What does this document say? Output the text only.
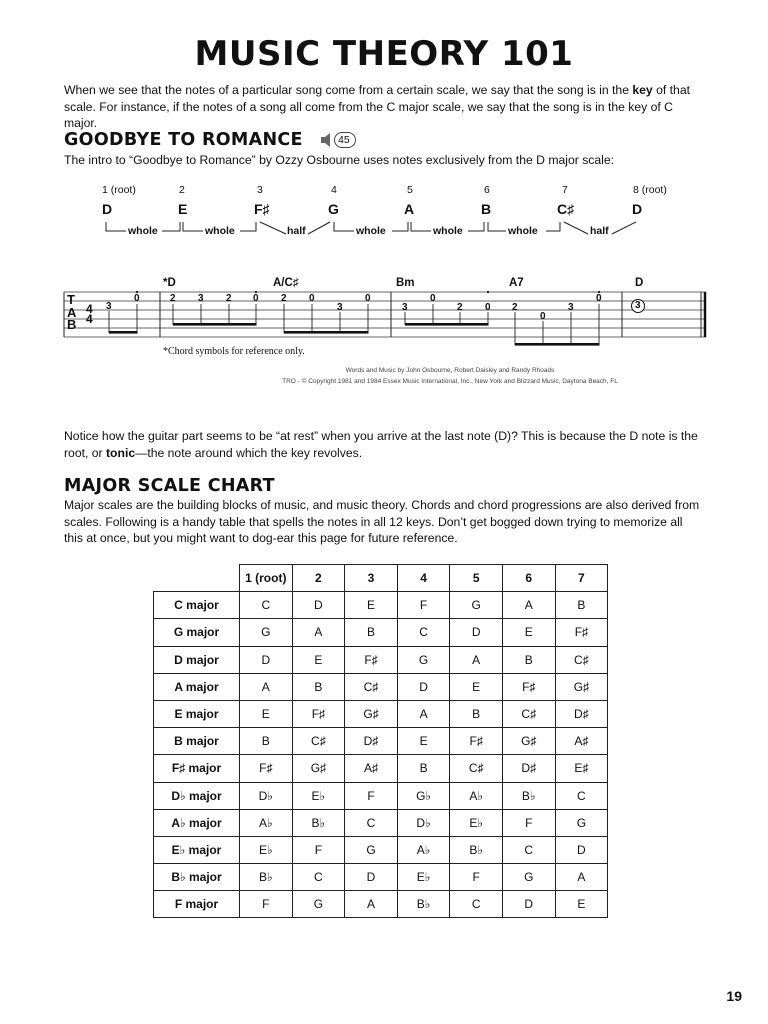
MUSIC THEORY 101
When we see that the notes of a particular song come from a certain scale, we say that the song is in the key of that scale. For instance, if the notes of a song all come from the C major scale, we say that the song is in the key of C major.
GOODBYE TO ROMANCE	45
The intro to “Goodbye to Romance” by Ozzy Osbourne uses notes exclusively from the D major scale:
1 (root)	2	3	4	5	6	7	8 (root)
D	E	F♯	G	A	B	C♯	D
whole	whole	half	whole	whole	whole	half
*D	A/C♯	Bm	A7	D
T
A
B
4
4
3
0	2 3 2 0 2 0
3
0
3
0
2 0 2
0
3
0
3
*Chord symbols for reference only.
Words and Music by John Osbourne, Robert Daisley and Randy Rhoads
TRO - © Copyright 1981 and 1984 Essex Music International, Inc., New York and Blizzard Music, Daytona Beach, FL
Notice how the guitar part seems to be “at rest” when you arrive at the last note (D)? This is because the D note is the root, or tonic—the note around which the key revolves.
MAJOR SCALE CHART
Major scales are the building blocks of music, and music theory. Chords and chord progressions are also derived from scales. Following is a handy table that spells the notes in all 12 keys. Don’t get bogged down trying to memorize all this at once, but you might want to dog-ear this page for future reference.
	1 (root)	2	3	4	5	6	7
C major	C	D	E	F	G	A	B
G major	G	A	B	C	D	E	F♯
D major	D	E	F♯	G	A	B	C♯
A major	A	B	C♯	D	E	F♯	G♯
E major	E	F♯	G♯	A	B	C♯	D♯
B major	B	C♯	D♯	E	F♯	G♯	A♯
F♯ major	F♯	G♯	A♯	B	C♯	D♯	E♯
D♭ major	D♭	E♭	F	G♭	A♭	B♭	C
A♭ major	A♭	B♭	C	D♭	E♭	F	G
E♭ major	E♭	F	G	A♭	B♭	C	D
B♭ major	B♭	C	D	E♭	F	G	A
F major	F	G	A	B♭	C	D	E
19
